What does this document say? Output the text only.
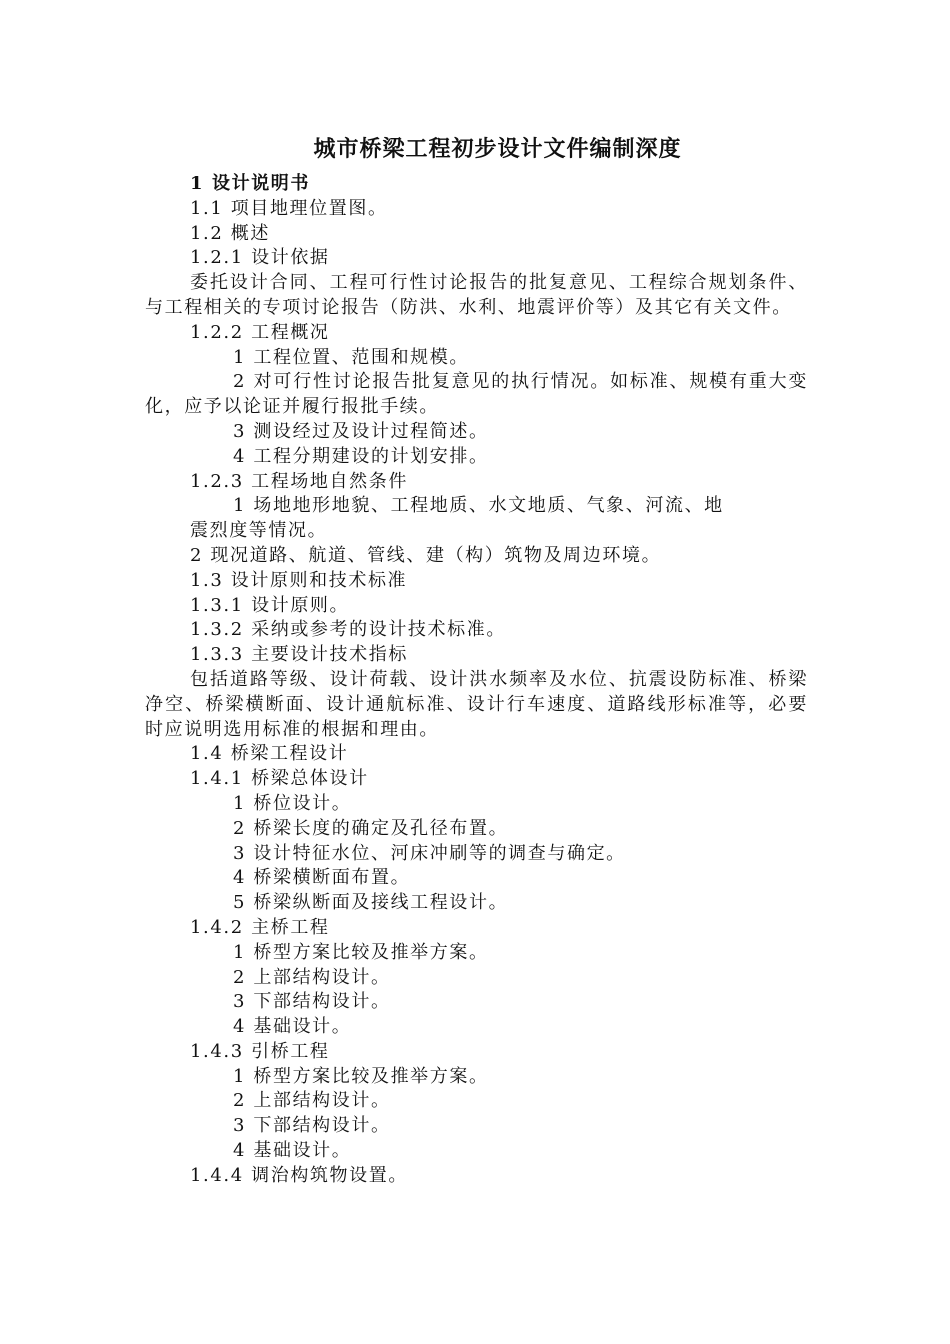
城市桥梁工程初步设计文件编制深度
1 设计说明书
1.1 项目地理位置图。
1.2 概述
1.2.1 设计依据
委托设计合同、工程可行性讨论报告的批复意见、工程综合规划条件、与工程相关的专项讨论报告（防洪、水利、地震评价等）及其它有关文件。
1.2.2 工程概况
1 工程位置、范围和规模。
2 对可行性讨论报告批复意见的执行情况。如标准、规模有重大变化，应予以论证并履行报批手续。
3 测设经过及设计过程简述。
4 工程分期建设的计划安排。
1.2.3 工程场地自然条件
1 场地地形地貌、工程地质、水文地质、气象、河流、地
震烈度等情况。
2 现况道路、航道、管线、建（构）筑物及周边环境。
1.3 设计原则和技术标准
1.3.1 设计原则。
1.3.2 采纳或参考的设计技术标准。
1.3.3 主要设计技术指标
包括道路等级、设计荷载、设计洪水频率及水位、抗震设防标准、桥梁净空、桥梁横断面、设计通航标准、设计行车速度、道路线形标准等，必要时应说明选用标准的根据和理由。
1.4 桥梁工程设计
1.4.1 桥梁总体设计
1 桥位设计。
2 桥梁长度的确定及孔径布置。
3 设计特征水位、河床冲刷等的调查与确定。
4 桥梁横断面布置。
5 桥梁纵断面及接线工程设计。
1.4.2 主桥工程
1 桥型方案比较及推举方案。
2 上部结构设计。
3 下部结构设计。
4 基础设计。
1.4.3 引桥工程
1 桥型方案比较及推举方案。
2 上部结构设计。
3 下部结构设计。
4 基础设计。
1.4.4 调治构筑物设置。
